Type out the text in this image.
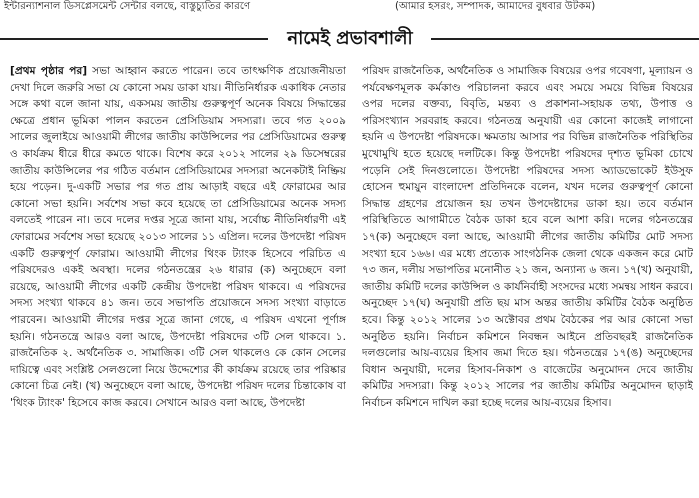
ইন্টারন্যাশনাল ডিসপ্লেসমেন্ট সেন্টার বলছে, বাস্তুচ্যুতির কারণে	(আমার হসরং, সম্পাদক, আমাদের বুধবার উটকম)
নামেই প্রভাবশালী

[প্রথম পৃষ্ঠার পর] সভা আহ্বান করতে পারেন। তবে তাৎক্ষণিক প্রয়োজনীয়তা দেখা দিলে জরুরি সভা যে কোনো সময় ডাকা যায়। নীতিনির্ধারক একাধিক নেতার সঙ্গে কথা বলে জানা যায়, একসময় জাতীয় গুরুত্বপূর্ণ অনেক বিষয়ে সিদ্ধান্তের ক্ষেত্রে প্রধান ভূমিকা পালন করতেন প্রেসিডিয়াম সদস্যরা। তবে গত ২০০৯ সালের জুলাইয়ে আওয়ামী লীগের জাতীয় কাউন্সিলের পর প্রেসিডিয়ামের গুরুত্ব ও কার্যক্রম ধীরে ধীরে কমতে থাকে। বিশেষ করে ২০১২ সালের ২৯ ডিসেম্বরের জাতীয় কাউন্সিলের পর গঠিত বর্তমান প্রেসিডিয়ামের সদস্যরা অনেকটাই নিষ্ক্রিয় হয়ে পড়েন। দু-একটি সভার পর গত প্রায় আড়াই বছরে এই ফোরামের আর কোনো সভা হয়নি। সর্বশেষ সভা কবে হয়েছে তা প্রেসিডিয়ামের অনেক সদস্য বলতেই পারেন না। তবে দলের দপ্তর সূত্রে জানা যায়, সর্বোচ্চ নীতিনির্ধারণী এই ফোরামের সর্বশেষ সভা হয়েছে ২০১৩ সালের ১১ এপ্রিল। দলের উপদেষ্টা পরিষদ একটি গুরুত্বপূর্ণ ফোরাম। আওয়ামী লীগের থিংক ট্যাংক হিসেবে পরিচিত এ পরিষদেরও একই অবস্থা। দলের গঠনতন্ত্রের ২৬ ধারার (ক) অনুচ্ছেদে বলা রয়েছে, আওয়ামী লীগের একটি কেন্দ্রীয় উপদেষ্টা পরিষদ থাকবে। এ পরিষদের সদস্য সংখ্যা থাকবে ৪১ জন। তবে সভাপতি প্রয়োজনে সদস্য সংখ্যা বাড়াতে পারবেন। আওয়ামী লীগের দপ্তর সূত্রে জানা গেছে, এ পরিষদ এখনো পূর্ণাঙ্গ হয়নি। গঠনতন্ত্রে আরও বলা আছে, উপদেষ্টা পরিষদের ৩টি সেল থাকবে। ১. রাজনৈতিক ২. অর্থনৈতিক ৩. সামাজিক। ৩টি সেল থাকলেও কে কোন সেলের দায়িত্বে এবং সংশ্লিষ্ট সেলগুলো নিয়ে উদ্দেশ্যের কী কার্যক্রম রয়েছে তার পরিষ্কার কোনো চিত্র নেই। (খ) অনুচ্ছেদে বলা আছে, উপদেষ্টা পরিষদ দলের চিন্তাকোষ বা 'থিংক ট্যাংক' হিসেবে কাজ করবে। সেখানে আরও বলা আছে, উপদেষ্টা

পরিষদ রাজনৈতিক, অর্থনৈতিক ও সামাজিক বিষয়ের ওপর গবেষণা, মূল্যায়ন ও পর্যবেক্ষণমূলক কর্মকাণ্ড পরিচালনা করবে এবং সময়ে সময়ে বিভিন্ন বিষয়ের ওপর দলের বক্তব্য, বিবৃতি, মন্তব্য ও প্রকাশনা-সহায়ক তথ্য, উপাত্ত ও পরিসংখ্যান সরবরাহ করবে। গঠনতন্ত্র অনুযায়ী এর কোনো কাজেই লাগানো হয়নি এ উপদেষ্টা পরিষদকে। ক্ষমতায় আসার পর বিভিন্ন রাজনৈতিক পরিস্থিতির মুখোমুখি হতে হয়েছে দলটিকে। কিন্তু উপদেষ্টা পরিষদের দৃশ্যত ভূমিকা চোখে পড়েনি সেই দিনগুলোতে। উপদেষ্টা পরিষদের সদস্য অ্যাডভোকেট ইউসুফ হোসেন হুমায়ুন বাংলাদেশ প্রতিদিনকে বলেন, যখন দলের গুরুত্বপূর্ণ কোনো সিদ্ধান্ত গ্রহণের প্রয়োজন হয় তখন উপদেষ্টাদের ডাকা হয়। তবে বর্তমান পরিস্থিতিতে আগামীতে বৈঠক ডাকা হবে বলে আশা করি। দলের গঠনতন্ত্রের ১৭(ক) অনুচ্ছেদে বলা আছে, আওয়ামী লীগের জাতীয় কমিটির মোট সদস্য সংখ্যা হবে ১৬৬। এর মধ্যে প্রত্যেক সাংগঠনিক জেলা থেকে একজন করে মোট ৭৩ জন, দলীয় সভাপতির মনোনীত ২১ জন, অন্যান্য ৬ জন। ১৭(খ) অনুযায়ী, জাতীয় কমিটি দলের কাউন্সিল ও কার্যনির্বাহী সংসদের মধ্যে সমন্বয় সাধন করবে। অনুচ্ছেদ ১৭(ঘ) অনুযায়ী প্রতি ছয় মাস অন্তর জাতীয় কমিটির বৈঠক অনুষ্ঠিত হবে। কিন্তু ২০১২ সালের ১৩ অক্টোবর প্রথম বৈঠকের পর আর কোনো সভা অনুষ্ঠিত হয়নি। নির্বাচন কমিশনে নিবন্ধন আইনে প্রতিবছরই রাজনৈতিক দলগুলোর আয়-ব্যয়ের হিসাব জমা দিতে হয়। গঠনতন্ত্রের ১৭(ঙ) অনুচ্ছেদের বিধান অনুযায়ী, দলের হিসাব-নিকাশ ও বাজেটের অনুমোদন দেবে জাতীয় কমিটির সদস্যরা। কিন্তু ২০১২ সালের পর জাতীয় কমিটির অনুমোদন ছাড়াই নির্বাচন কমিশনে দাখিল করা হচ্ছে দলের আয়-ব্যয়ের হিসাব।
